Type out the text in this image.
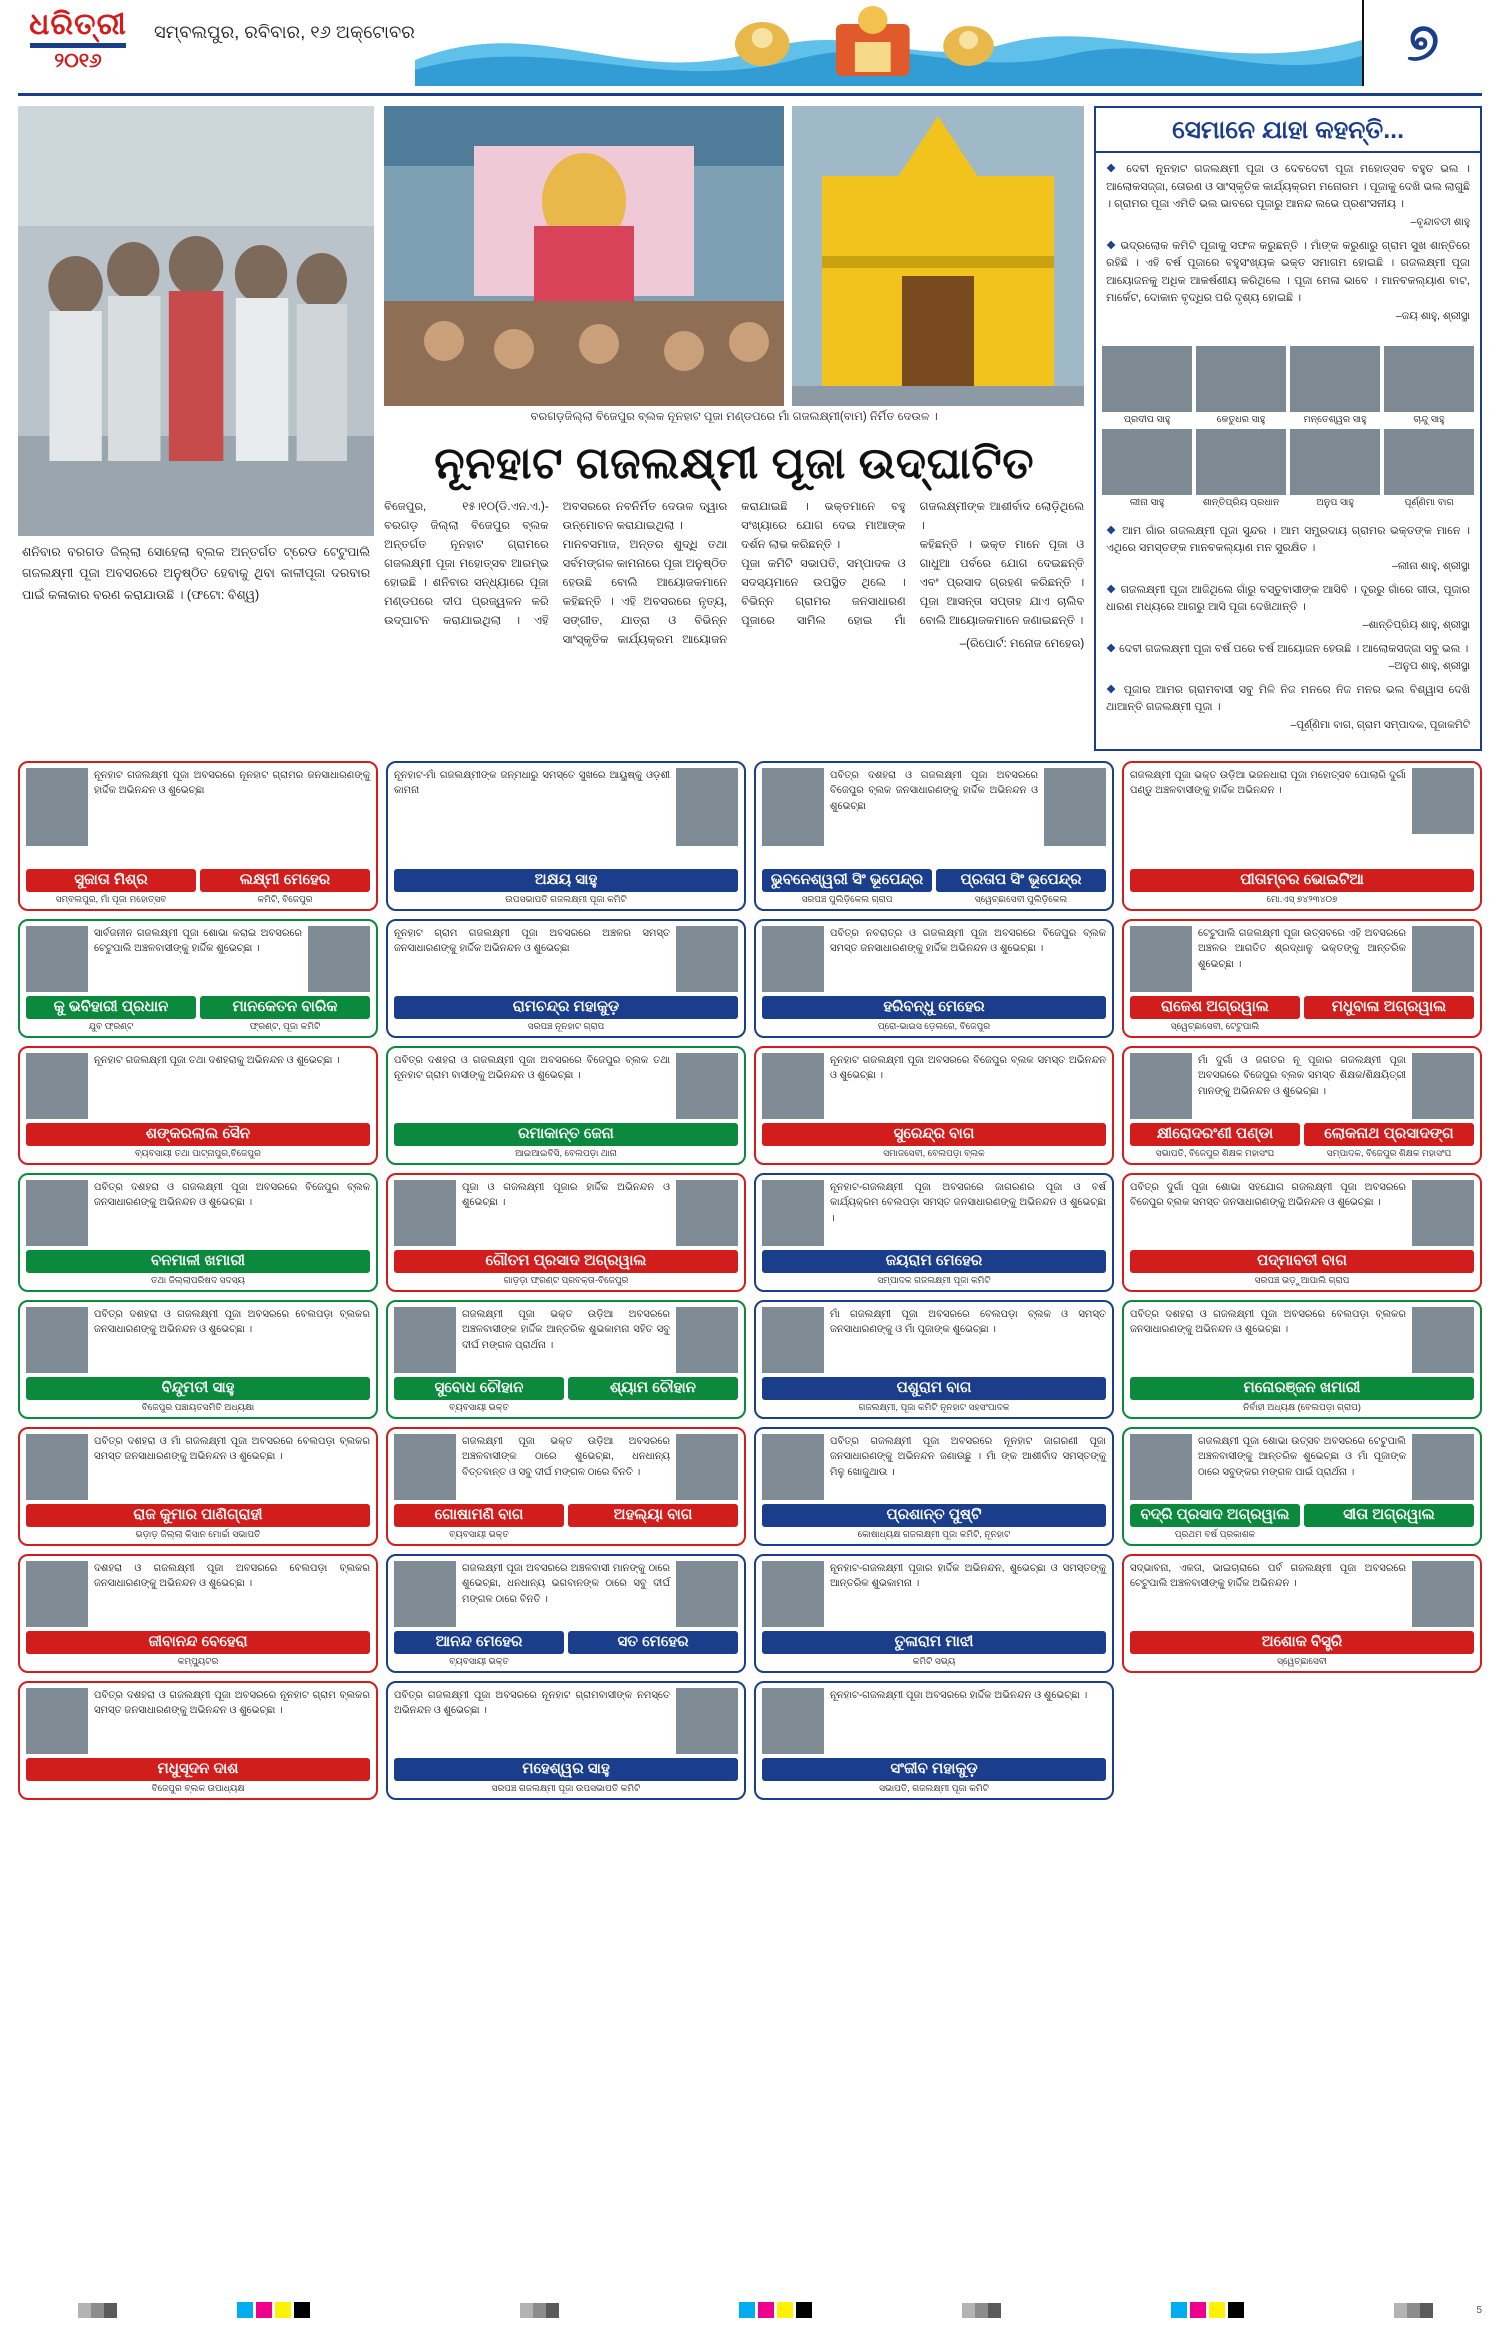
ଧରିତ୍ରୀ
୨୦୧୬
ସମ୍ବଲପୁର, ରବିବାର, ୧୬ ଅକ୍ଟୋବର	୭
ଶନିବାର ବରଗଡ ଜିଲ୍ଲା ସୋହେଲା ବ୍ଲକ ଅନ୍ତର୍ଗତ ଟ୍ରେଡ ଟେଟୁପାଲି ଗଜଲକ୍ଷ୍ମୀ ପୂଜା ଅବସରରେ ଅନୁଷ୍ଠିତ ହେବାକୁ ଥିବା କାଳୀପୂଜା ଦରବାର ପାଇଁ କଳାକାର ବରଣ କରାଯାଉଛି । (ଫଟୋ: ବିଶ୍ୱ)
ବରଗଡ଼ଜିଲ୍ଲା ବିଜେପୁର ବ୍ଲକ ନୂନହାଟ ପୂଜା ମଣ୍ଡପରେ ମାଁ ଗଜଲକ୍ଷ୍ମୀ(ବାମ) ନିର୍ମିତ ଦେଉଳ ।
ନୂନହାଟ ଗଜଲକ୍ଷ୍ମୀ ପୂଜା ଉଦ୍‌ଘାଟିତ

ବିଜେପୁର, ୧୫।୧୦(ଡି.ଏନ.ଏ.)-ବରଗଡ଼ ଜିଲ୍ଲା ବିଜେପୁର ବ୍ଲକ ଅନ୍ତର୍ଗତ ନୂନହାଟ ଗ୍ରାମରେ ଗଜଲକ୍ଷ୍ମୀ ପୂଜା ମହୋତ୍ସବ ଆରମ୍ଭ ହୋଇଛି । ଶନିବାର ସନ୍ଧ୍ୟାରେ ପୂଜା ମଣ୍ଡପରେ ଦୀପ ପ୍ରଜ୍ୱଳନ କରି ଉଦ୍‌ଘାଟନ କରାଯାଇଥିଲା । ଏହି ଅବସରରେ ନବନିର୍ମିତ ଦେଉଳ ଦ୍ୱାର ଉନ୍ମୋଚନ କରାଯାଇଥିଲା ।

ମାନବସମାଜ, ଅନ୍ତର ଶୁଦ୍ଧି ତଥା ସର୍ବମଙ୍ଗଳ କାମନାରେ ପୂଜା ଅନୁଷ୍ଠିତ ହେଉଛି ବୋଲି ଆୟୋଜକମାନେ କହିଛନ୍ତି । ଏହି ଅବସରରେ ନୃତ୍ୟ, ସଙ୍ଗୀତ, ଯାତ୍ରା ଓ ବିଭିନ୍ନ ସାଂସ୍କୃତିକ କାର୍ଯ୍ୟକ୍ରମ ଆୟୋଜନ କରାଯାଇଛି । ଭକ୍ତମାନେ ବହୁ ସଂଖ୍ୟାରେ ଯୋଗ ଦେଇ ମାଆଙ୍କ ଦର୍ଶନ ଲାଭ କରିଛନ୍ତି ।

ପୂଜା କମିଟି ସଭାପତି, ସମ୍ପାଦକ ଓ ସଦସ୍ୟମାନେ ଉପସ୍ଥିତ ଥିଲେ । ବିଭିନ୍ନ ଗ୍ରାମର ଜନସାଧାରଣ ପୂଜାରେ ସାମିଲ ହୋଇ ମାଁ ଗଜଲକ୍ଷ୍ମୀଙ୍କ ଆଶୀର୍ବାଦ ଲୋଡ଼ିଥିଲେ ।

କହିଛନ୍ତି । ଭକ୍ତ ମାନେ ପୂଜା ଓ ଗାଧୁଆ ପର୍ବରେ ଯୋଗ ଦେଇଛନ୍ତି ଏବଂ ପ୍ରସାଦ ଗ୍ରହଣ କରିଛନ୍ତି । ପୂଜା ଆସନ୍ତା ସପ୍ତାହ ଯାଏ ଚାଲିବ ବୋଲି ଆୟୋଜକମାନେ ଜଣାଇଛନ୍ତି ।

–(ରିପୋର୍ଟ: ମନୋଜ ମେହେର)

ସେମାନେ ଯାହା କହନ୍ତି...
❖ ଦେବୀ ନୂନହାଟ ଗଜଲକ୍ଷ୍ମୀ ପୂଜା ଓ ଦେବଦେବୀ ପୂଜା ମହୋତ୍ସବ ବହୁତ ଭଲ । ଆଲୋକସଜ୍ଜା, ତୋରଣ ଓ ସାଂସ୍କୃତିକ କାର୍ଯ୍ୟକ୍ରମ ମନୋରମ । ପୂଜାକୁ ଦେଖି ଭଲ ଲାଗୁଛି । ଗ୍ରାମର ପୂଜା ଏମିତି ଭଲ ଭାବରେ ପୂଜାରୁ ଆନନ୍ଦ ଲଭେ ପ୍ରଶଂସନୀୟ ।
–ବୃନ୍ଦାବତୀ ଶାହୁ
❖ ଭଦ୍ରଲୋକ କମିଟି ପୂଜାକୁ ସଫଳ କରୁଛନ୍ତି । ମାଁଙ୍କ କରୁଣାରୁ ଗ୍ରାମ ସୁଖ ଶାନ୍ତିରେ ରହିଛି । ଏହି ବର୍ଷ ପୂଜାରେ ବହୁସଂଖ୍ୟକ ଭକ୍ତ ସମାଗମ ହୋଇଛି । ଗଜଲକ୍ଷ୍ମୀ ପୂଜା ଆୟୋଜନକୁ ଅଧିକ ଆକର୍ଷଣୀୟ କରିଥିଲେ । ପୂଜା ମେଳା ଭାବେ । ମାନବକଲ୍ୟାଣ ବାଟ, ମାର୍କେଟ, ଦୋକାନ ବୃଦ୍ଧିର ପରି ଦୃଶ୍ୟ ହୋଇଛି ।
–ଜୟ ଶାହୁ, ଶ୍ରୀସ୍ଥା
ପ୍ରଦୀପ ସାହୁ	କେତୁଧର ସାହୁ	ମନ୍ତେଶ୍ୱର ସାହୁ	ଚାନ୍ଦୁ ସାହୁ
ଲୀନା ସାହୁ	ଶାନ୍ତିପ୍ରିୟ ପ୍ରଧାନ	ଅନୁପ ସାହୁ	ପୂର୍ଣ୍ଣିମା ବାଗ
❖ ଆମ ଗାଁର ଗଜଲକ୍ଷ୍ମୀ ପୂଜା ସୁନ୍ଦର । ଆମ ସମ୍ପ୍ରଦାୟ ଗ୍ରାମର ଭକ୍ତଙ୍କ ମାନେ । ଏଥିରେ ସମସ୍ତଙ୍କ ମାନବକଲ୍ୟାଣ ମନ ସୁରକ୍ଷିତ ।
–ଲୀନା ଶାହୁ, ଶ୍ରୀସ୍ଥା
❖ ଗଜଲକ୍ଷ୍ମୀ ପୂଜା ଆଜିଥିଲେ ଗାଁରୁ ବସ୍ତୁବାସୀଙ୍କ ଆସିବି । ଦୂରରୁ ଗାଁରେ ଗୀତା, ପୂଜାର ଧାରଣ ମଧ୍ୟରେ ଆଗରୁ ଆସି ପୂଜା ଦେଖିଥାନ୍ତି ।
–ଶାନ୍ତିପ୍ରିୟ ଶାହୁ, ଶ୍ରୀସ୍ଥା
❖ ଦେବୀ ଗଜଲକ୍ଷ୍ମୀ ପୂଜା ବର୍ଷ ପରେ ବର୍ଷ ଆୟୋଜନ ହେଉଛି । ଆଲୋକସଜ୍ଜା ସବୁ ଭଲ ।
–ଅନୁପ ଶାହୁ, ଶ୍ରୀସ୍ଥା
❖ ପୂଜାର ଆମର ଗ୍ରାମବାସୀ ସବୁ ମିଳି ନିଜ ମନରେ ନିଜ ମନର ଭଲ ବିଶ୍ୱାସ ଦେଖି ଥାଆନ୍ତି ଗଜଲକ୍ଷ୍ମୀ ପୂଜା ।
–ପୂର୍ଣ୍ଣିମା ବାଗ, ଗ୍ରାମ ସମ୍ପାଦକ, ପୂଜାକମିଟି
ନୂନହାଟ ଗଜଲକ୍ଷ୍ମୀ ପୂଜା ଅବସରରେ ନୂନହାଟ ଗ୍ରାମର ଜନସାଧାରଣଙ୍କୁ ହାର୍ଦ୍ଦିକ ଅଭିନନ୍ଦନ ଓ ଶୁଭେଚ୍ଛା
ସୁଜାତା ମିଶ୍ର	ଲକ୍ଷ୍ମୀ ମେହେର
ସମ୍ବଲପୁର, ମାଁ ପୂଜା ମହୋତ୍ସବ	କମିଟି, ବିଜେପୁର
ନୂନହାଟ-ମାଁ ଗଜଲକ୍ଷ୍ମୀଙ୍କ ଜନ୍ମଧାରୁ ସମସ୍ତେ ସୁଖରେ ଆୟୁଷ୍କୁ ଓଡ଼ଶୀ କାମନା
ଅକ୍ଷୟ ସାହୁ
ଉପସଭାପତି ଗଜଲକ୍ଷ୍ମୀ ପୂଜା କମିଟି
ପବିତ୍ର ଦଶହରା ଓ ଗଜଲକ୍ଷ୍ମୀ ପୂଜା ଅବସରରେ ବିଜେପୁର ବ୍ଲକ ଜନସାଧାରଣଙ୍କୁ ହାର୍ଦ୍ଦିକ ଅଭିନନ୍ଦନ ଓ ଶୁଭେଚ୍ଛା
ଭୁବନେଶ୍ୱରୀ ସିଂ ଭୂପେନ୍ଦ୍ର	ପ୍ରତାପ ସିଂ ଭୂପେନ୍ଦ୍ର
ସରପଞ୍ଚ ପୁଲିଡ଼ିକେଲ ଗ୍ରାପ	ସ୍ୱେଚ୍ଛାସେବୀ ପୁଲିଡ଼ିକେଲ
ଗଜଲକ୍ଷ୍ମୀ ପୂଜା ଭକ୍ତ ଉଡ଼ିଆ ଭଜନଧାରା ପୂଜା ମହୋତ୍ସବ ପୋଲାରି ଦୁର୍ଗା ପଣ୍ଡୁ ଅଞ୍ଚଳବାସୀଙ୍କୁ ହାର୍ଦ୍ଦିକ ଅଭିନନ୍ଦନ ।
ପୀତାମ୍ବର ଭୋଇଟିଆ
ମୋ.ଏସ୍‌ ୭୪୨୩୪୦୭
ସାର୍ବଜନୀନ ଗଜଲକ୍ଷ୍ମୀ ପୂଜା ଶୋଭା କରାଇ ଅବସରରେ ଟେଟୁପାଲି ଅଞ୍ଚଳବାସୀଙ୍କୁ ହାର୍ଦ୍ଦିକ ଶୁଭେଚ୍ଛା ।
କୁ ଭବିହାରୀ ପ୍ରଧାନ	ମାନକେତନ ବାରିକ
ଯୁବ ଫ୍ରଣ୍ଟ	ଫ୍ରଣ୍ଟ, ପୂଜା କମିଟି
ନୂନହାଟ ଗ୍ରାମ ଗଜଲକ୍ଷ୍ମୀ ପୂଜା ଅବସରରେ ଅଞ୍ଚଳର ସମସ୍ତ ଜନସାଧାରଣଙ୍କୁ ହାର୍ଦ୍ଦିକ ଅଭିନନ୍ଦନ ଓ ଶୁଭେଚ୍ଛା
ରାମଚନ୍ଦ୍ର ମହାକୁଡ଼
ସରପଞ୍ଚ ନୂନହାଟ ଗ୍ରାପ
ପବିତ୍ର ନବରାତ୍ର ଓ ଗଜଲକ୍ଷ୍ମୀ ପୂଜା ଅବସରରେ ବିଜେପୁର ବ୍ଲକ ସମସ୍ତ ଜନସାଧାରଣଙ୍କୁ ହାର୍ଦ୍ଦିକ ଅଭିନନ୍ଦନ ଓ ଶୁଭେଚ୍ଛା ।
ହରିବନ୍ଧୁ ମେହେର
ପ୍ରୋ-ଭାଇସ ଡ଼େଲରେ, ବିଜେପୁର
ଟେଟୁପାଲି ଗଜଲକ୍ଷ୍ମୀ ପୂଜା ଉତ୍ସବରେ ଏହି ଅବସରରେ ଅଞ୍ଚଳର ଆଗତିତ ଶ୍ରଦ୍ଧାଳୁ ଭକ୍ତଙ୍କୁ ଆନ୍ତରିକ ଶୁଭେଚ୍ଛା ।
ରାଜେଶ ଅଗ୍ରୱାଲ	ମଧୁବାଳା ଅଗ୍ରୱାଲ
ସ୍ୱେଚ୍ଛାସେବୀ, ଟେଟୁପାଲି
ନୂନହାଟ ଗଜଲକ୍ଷ୍ମୀ ପୂଜା ତଥା ଦଶହରାକୁ ଅଭିନନ୍ଦନ ଓ ଶୁଭେଚ୍ଛା ।
ଶଙ୍କରଲାଲ ସୈନ
ବ୍ୟବସାୟୀ ତଥା ପାଟ୍ନାପୁର,ବିଜେପୁର
ପବିତ୍ର ଦଶହରା ଓ ଗଜଲକ୍ଷ୍ମୀ ପୂଜା ଅବସରରେ ବିଜେପୁର ବ୍ଲକ ତଥା ନୂନହାଟ ଗ୍ରାମ ବାସୀଙ୍କୁ ଅଭିନନ୍ଦନ ଓ ଶୁଭେଚ୍ଛା ।
ରମାକାନ୍ତ ଜେନା
ଆଇଆଇବିସି, ବେଲପଡ଼ା ଥାନା
ନୂନହାଟ ଗଜଲକ୍ଷ୍ମୀ ପୂଜା ଅବସରରେ ବିଜେପୁର ବ୍ଲକ ସମସ୍ତ ଅଭିନନ୍ଦନ ଓ ଶୁଭେଚ୍ଛା ।
ସୁରେନ୍ଦ୍ର ବାଗ
ସମାଜସେବୀ, ବେଲପଡ଼ା ବ୍ଲକ
ମାଁ ଦୁର୍ଗା ଓ ଜଗତର ନୂ ପୂଜାର ଗଜଲକ୍ଷ୍ମୀ ପୂଜା ଅବସରରେ ବିଜେପୁର ବ୍ଲକ ସମସ୍ତ ଶିକ୍ଷକ/ଶିକ୍ଷୟିତ୍ରୀ ମାନଙ୍କୁ ଅଭିନନ୍ଦନ ଓ ଶୁଭେଚ୍ଛା ।
କ୍ଷୀରୋଦରଂଣୀ ପଣ୍ଡା	ଲୋକନାଥ ପ୍ରସାଦଙ୍ଗ
ସଭାପତି, ବିଜେପୁର ଶିକ୍ଷକ ମହାସଂଘ	ସମ୍ପାଦକ, ବିଜେପୁର ଶିକ୍ଷକ ମହାସଂଘ
ପବିତ୍ର ଦଶହରା ଓ ଗଜଲକ୍ଷ୍ମୀ ପୂଜା ଅବସରରେ ବିଜେପୁର ବ୍ଲକ ଜନସାଧାରଣଙ୍କୁ ଅଭିନନ୍ଦନ ଓ ଶୁଭେଚ୍ଛା ।
ବନମାଳୀ ଖମାରୀ
ତଥା ଜିଲ୍ଲାପରିଷଦ ସଦସ୍ୟ
ପୂଜା ଓ ଗଜଲକ୍ଷ୍ମୀ ପୂଜାର ହାର୍ଦ୍ଦିକ ଅଭିନନ୍ଦନ ଓ ଶୁଭେଚ୍ଛା ।
ଗୌତମ ପ୍ରସାଦ ଅଗ୍ରୱାଲ
ଗାଡ଼ଡ଼ା ଫ୍ରଣ୍ଟ ପ୍ରବକ୍ତା-ବିଜେପୁର
ନୂନହାଟ-ଗଜଲକ୍ଷ୍ମୀ ପୂଜା ଅବସରରେ ଜାଗରଣର ପୂଜା ଓ ବର୍ଷ କାର୍ଯ୍ୟକ୍ରମ ବେଲପଡ଼ା ସମସ୍ତ ଜନସାଧାରଣଙ୍କୁ ଅଭିନନ୍ଦନ ଓ ଶୁଭେଚ୍ଛା ।
ଜୟରାମ ମେହେର
ସମ୍ପାଦକ ଗଜଲକ୍ଷ୍ମୀ ପୂଜା କମିଟି
ପବିତ୍ର ଦୁର୍ଗା ପୂଜା ଶୋଭା ସହଯୋଗ ଗଜଲକ୍ଷ୍ମୀ ପୂଜା ଅବସରରେ ବିଜେପୁର ବ୍ଲକ ସମସ୍ତ ଜନସାଧାରଣଙ୍କୁ ଅଭିନନ୍ଦନ ଓ ଶୁଭେଚ୍ଛା ।
ପଦ୍ମାବତୀ ବାଗ
ସରପଞ୍ଚ ଭଡ଼ୁଆପାଲି ଗ୍ରାପ
ପବିତ୍ର ଦଶହରା ଓ ଗଜଲକ୍ଷ୍ମୀ ପୂଜା ଅବସରରେ ବେଲପଡ଼ା ବ୍ଲକର ଜନସାଧାରଣଙ୍କୁ ଅଭିନନ୍ଦନ ଓ ଶୁଭେଚ୍ଛା ।
ବିନ୍ଦୁମତୀ ସାହୁ
ବିଜେପୁର ପଞ୍ଚାୟତସମିତି ଅଧ୍ୟକ୍ଷା
ଗଜଲକ୍ଷ୍ମୀ ପୂଜା ଭକ୍ତ ଉଡ଼ିଆ ଅବସରରେ ଅଞ୍ଚଳବାସୀଙ୍କ ହାର୍ଦ୍ଦିକ ଆନ୍ତରିକ ଶୁଭକାମନା ସହିତ ସବୁ ଦୀର୍ଘ ମଙ୍ଗଳ ପ୍ରାର୍ଥନା ।
ସୁବୋଧ ଚୌହାନ	ଶ୍ୟାମ ଚୌହାନ
ବ୍ୟବସାୟୀ ଭକ୍ତ
ମାଁ ଗଜଲକ୍ଷ୍ମୀ ପୂଜା ଅବସରରେ ବେଲପଡ଼ା ବ୍ଲକ ଓ ସମସ୍ତ ଜନସାଧାରଣଙ୍କୁ ଓ ମାଁ ପୂଜାଙ୍କ ଶୁଭେଚ୍ଛା ।
ପଶୁରାମ ବାଗ
ଗଜଲକ୍ଷ୍ମୀ, ପୂଜା କମିଟି ନୂନହାଟ ସହସଂପାଦକ
ପବିତ୍ର ଦଶହରା ଓ ଗଜଲକ୍ଷ୍ମୀ ପୂଜା ଅବସରରେ ବେଲପଡ଼ା ବ୍ଲକର ଜନସାଧାରଣଙ୍କୁ ଅଭିନନ୍ଦନ ଓ ଶୁଭେଚ୍ଛା ।
ମନୋରଞ୍ଜନ ଖମାରୀ
ନିର୍ବାହୀ ଅଧ୍ୟକ୍ଷ (ବେଲପଡ଼ା ଗ୍ରାପ)
ପବିତ୍ର ଦଶହରା ଓ ମାଁ ଗଜଲକ୍ଷ୍ମୀ ପୂଜା ଅବସରରେ ବେଲପଡ଼ା ବ୍ଲକର ସମସ୍ତ ଜନସାଧାରଣଙ୍କୁ ଅଭିନନ୍ଦନ ଓ ଶୁଭେଚ୍ଛା ।
ରାଜ କୁମାର ପାଣିଗ୍ରାହୀ
ଭଡ଼ାଡ଼ ଜିଲ୍ଲା କିସାନ ମୋର୍ଚ୍ଚା ସଭାପତି
ଗଜଲକ୍ଷ୍ମୀ ପୂଜା ଭକ୍ତ ଉଡ଼ିଆ ଅବସରରେ ଅଞ୍ଚଳବାସୀଙ୍କ ଠାରେ ଶୁଭେଚ୍ଛା, ଧନଧାନ୍ୟ ବିତ୍ତବାନ୍ତ ଓ ସବୁ ଦୀର୍ଘ ମଙ୍ଗଳ ଠାରେ ବିନତି ।
ଗୋଷାମଣି ବାଗ	ଅହଲ୍ୟା ବାଗ
ବ୍ୟବସାୟୀ ଭକ୍ତ
ପବିତ୍ର ଗଜଲକ୍ଷ୍ମୀ ପୂଜା ଅବସରରେ ନୂନହାଟ ଜାଗରଣୀ ପୂଜା ଜନସାଧାରଣଙ୍କୁ ଅଭିନନ୍ଦନ ଜଣାଉଛୁ । ମାଁ ଙ୍କ ଆଶୀର୍ବାଦ ସମସ୍ତଙ୍କୁ ମିଳୁ ଖୋଜୁଥାଉ ।
ପ୍ରଶାନ୍ତ ପୁଷ୍ଟି
କୋଷାଧ୍ୟକ୍ଷ ଗଜଲକ୍ଷ୍ମୀ ପୂଜା କମିଟି, ନୂନହାଟ
ଗଜଲକ୍ଷ୍ମୀ ପୂଜା ଶୋଭା ଉତ୍ସବ ଅବସରରେ ଟେଟୁପାଲି ଅଞ୍ଚଳବାସୀଙ୍କୁ ଆନ୍ତରିକ ଶୁଭେଚ୍ଛା ଓ ମାଁ ପୂଜାଙ୍କ ଠାରେ ସବୁଙ୍କର ମଙ୍ଗଳ ପାଇଁ ପ୍ରାର୍ଥନା ।
ବଦ୍ରି ପ୍ରସାଦ ଅଗ୍ରୱାଲ	ସୀତା ଅଗ୍ରୱାଲ
ପ୍ରଥମ ବର୍ଷ ପ୍ରକାଶକ
ଦଶହରା ଓ ଗଜଲକ୍ଷ୍ମୀ ପୂଜା ଅବସରରେ ବେଲପଡ଼ା ବ୍ଲକର ଜନସାଧାରଣଙ୍କୁ ଅଭିନନ୍ଦନ ଓ ଶୁଭେଚ୍ଛା ।
ଜୀବାନନ୍ଦ ବେହେରା
କମ୍ପ୍ୟୁଟର
ଗଜଲକ୍ଷ୍ମୀ ପୂଜା ଅବସରରେ ଅଞ୍ଚଳବାସୀ ମାନଙ୍କୁ ଠାରେ ଶୁଭେଚ୍ଛା, ଧନଧାନ୍ୟ ଭଗବାନଙ୍କ ଠାରେ ସବୁ ଦୀର୍ଘ ମଙ୍ଗଳ ଠାରେ ବିନତି ।
ଆନନ୍ଦ ମେହେର	ସତ ମେହେର
ବ୍ୟବସାୟୀ ଭକ୍ତ
ନୂନହାଟ-ଗଜଲକ୍ଷ୍ମୀ ପୂଜାର ହାର୍ଦ୍ଦିକ ଅଭିନନ୍ଦନ, ଶୁଭେଚ୍ଛା ଓ ସମସ୍ତଙ୍କୁ ଆନ୍ତରିକ ଶୁଭକାମନା ।
ତୁଳାରାମ ମାଝୀ
କମିଟି ସଭ୍ୟ
ସଦ୍‌ଭାବନା, ଏକତା, ଭାଇଚାରାରେ ପର୍ବ ଗଜଲକ୍ଷ୍ମୀ ପୂଜା ଅବସରରେ ଟେଟୁପାଲି ଅଞ୍ଚଳବାସୀଙ୍କୁ ହାର୍ଦ୍ଦିକ ଅଭିନନ୍ଦନ ।
ଅଶୋକ ବିସ୍ତ୍ରି
ସ୍ୱେଚ୍ଛାସେବୀ
ପବିତ୍ର ଦଶହରା ଓ ଗଜଲକ୍ଷ୍ମୀ ପୂଜା ଅବସରରେ ନୂନହାଟ ଗ୍ରାମ ବ୍ଲକର ସମସ୍ତ ଜନସାଧାରଣଙ୍କୁ ଅଭିନନ୍ଦନ ଓ ଶୁଭେଚ୍ଛା ।
ମଧୁସୂଦନ ଦାଶ
ବିଜେପୁର ବ୍ଲକ ଉପାଧ୍ୟକ୍ଷ
ପବିତ୍ର ଗଜଲକ୍ଷ୍ମୀ ପୂଜା ଅବସରରେ ନୂନହାଟ ଗ୍ରାମବାସୀଙ୍କ ନମସ୍ତେ ଅଭିନନ୍ଦନ ଓ ଶୁଭେଚ୍ଛା ।
ମହେଶ୍ୱର ସାହୁ
ସରପଞ୍ଚ ଗଜଲକ୍ଷ୍ମୀ ପୂଜା ଉପସଭାପତି କମିଟି
ନୂନହାଟ-ଗଜଲକ୍ଷ୍ମୀ ପୂଜା ଅବସରରେ ହାର୍ଦ୍ଦିକ ଅଭିନନ୍ଦନ ଓ ଶୁଭେଚ୍ଛା ।
ସଂଜୀବ ମହାକୁଡ଼
ସଭାପତି, ଗଜଲକ୍ଷ୍ମୀ ପୂଜା କମିଟି
5
